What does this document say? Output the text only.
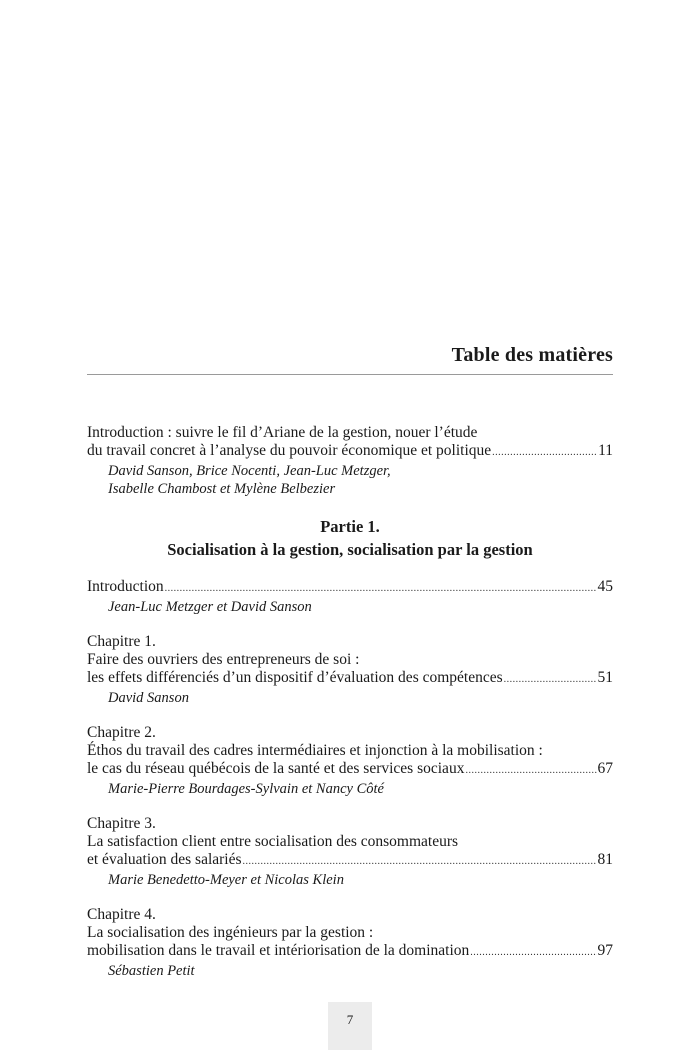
Table des matières
Introduction : suivre le fil d’Ariane de la gestion, nouer l’étude
du travail concret à l’analyse du pouvoir économique et politique .....	11
David Sanson, Brice Nocenti, Jean-Luc Metzger,
Isabelle Chambost et Mylène Belbezier
Partie 1.
Socialisation à la gestion, socialisation par la gestion
Introduction .....	45
Jean-Luc Metzger et David Sanson
Chapitre 1.
Faire des ouvriers des entrepreneurs de soi :
les effets différenciés d’un dispositif d’évaluation des compétences .....	51
David Sanson
Chapitre 2.
Éthos du travail des cadres intermédiaires et injonction à la mobilisation :
le cas du réseau québécois de la santé et des services sociaux .....	67
Marie-Pierre Bourdages-Sylvain et Nancy Côté
Chapitre 3.
La satisfaction client entre socialisation des consommateurs
et évaluation des salariés .....	81
Marie Benedetto-Meyer et Nicolas Klein
Chapitre 4.
La socialisation des ingénieurs par la gestion :
mobilisation dans le travail et intériorisation de la domination .....	97
Sébastien Petit
7
